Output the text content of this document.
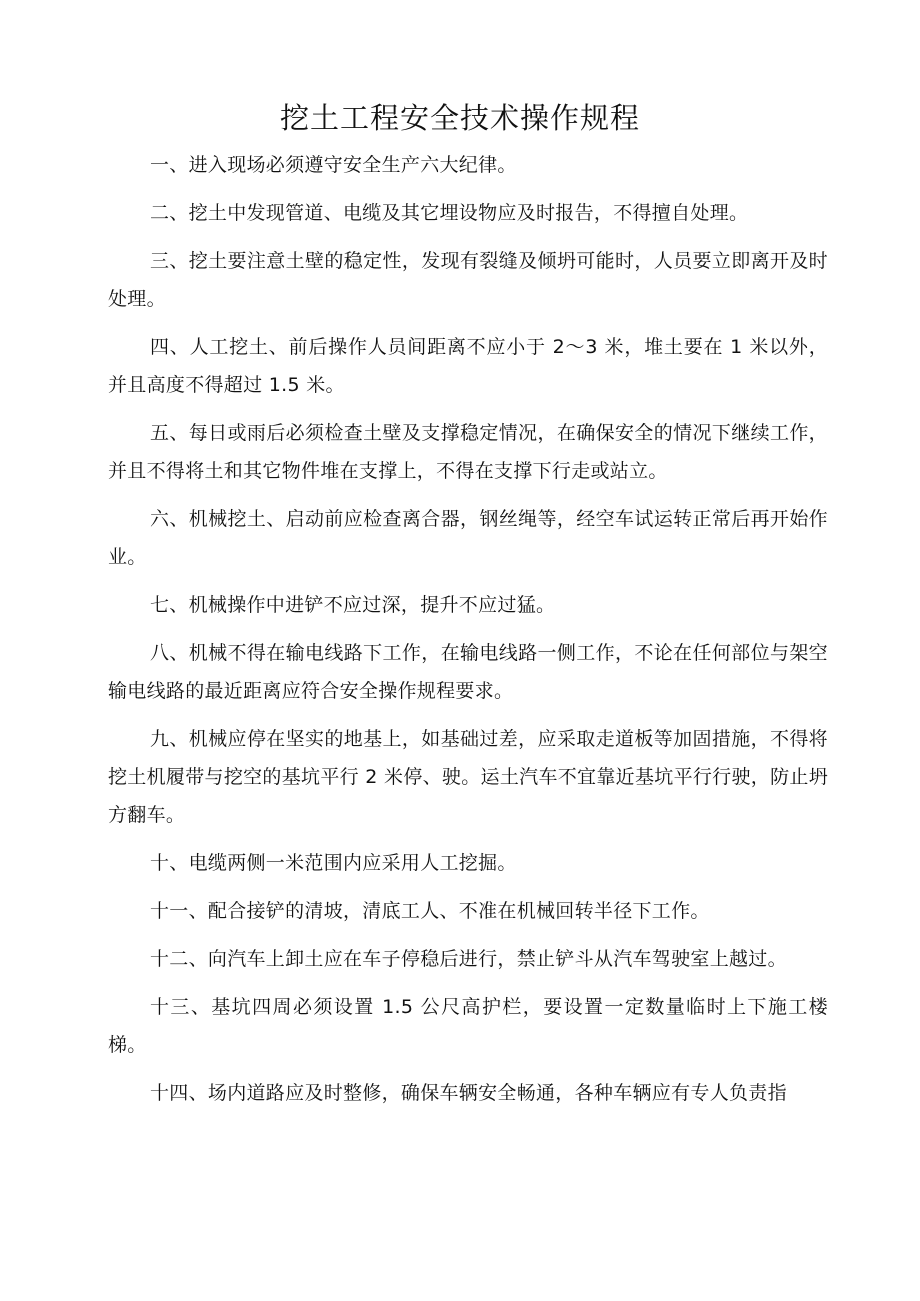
挖土工程安全技术操作规程

一、进入现场必须遵守安全生产六大纪律。

二、挖土中发现管道、电缆及其它埋设物应及时报告，不得擅自处理。

三、挖土要注意土壁的稳定性，发现有裂缝及倾坍可能时，人员要立即离开及时处理。

四、人工挖土、前后操作人员间距离不应小于 2～3 米，堆土要在 1 米以外，并且高度不得超过 1.5 米。

五、每日或雨后必须检查土壁及支撑稳定情况，在确保安全的情况下继续工作，并且不得将土和其它物件堆在支撑上，不得在支撑下行走或站立。

六、机械挖土、启动前应检查离合器，钢丝绳等，经空车试运转正常后再开始作业。

七、机械操作中进铲不应过深，提升不应过猛。

八、机械不得在输电线路下工作，在输电线路一侧工作，不论在任何部位与架空输电线路的最近距离应符合安全操作规程要求。

九、机械应停在坚实的地基上，如基础过差，应采取走道板等加固措施，不得将挖土机履带与挖空的基坑平行 2 米停、驶。运土汽车不宜靠近基坑平行行驶，防止坍方翻车。

十、电缆两侧一米范围内应采用人工挖掘。

十一、配合接铲的清坡，清底工人、不准在机械回转半径下工作。

十二、向汽车上卸土应在车子停稳后进行，禁止铲斗从汽车驾驶室上越过。

十三、基坑四周必须设置 1.5 公尺高护栏，要设置一定数量临时上下施工楼梯。

十四、场内道路应及时整修，确保车辆安全畅通，各种车辆应有专人负责指
